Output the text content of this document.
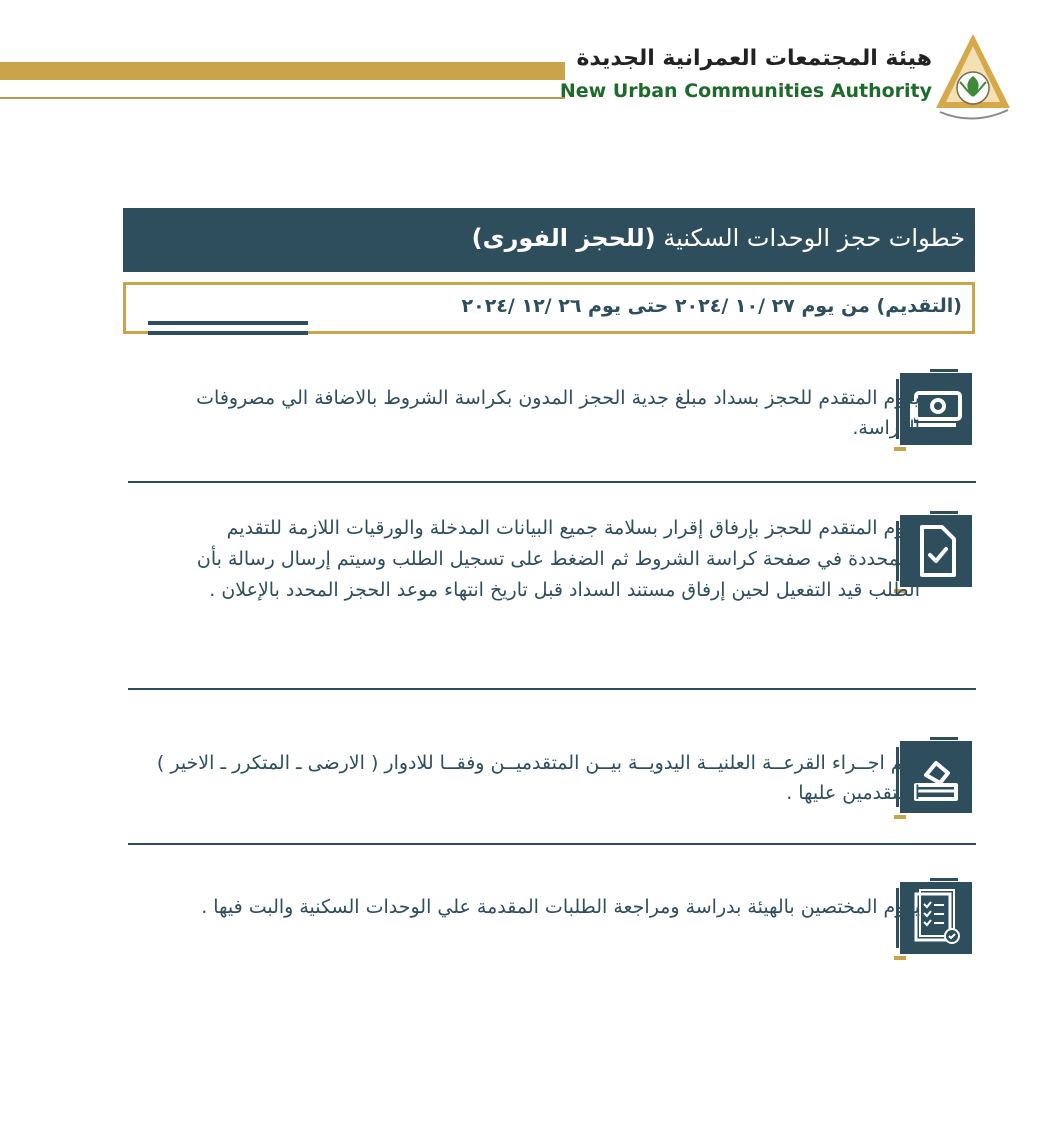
هيئة المجتمعات العمرانية الجديدة
New Urban Communities Authority
خطوات حجز الوحدات السكنية (للحجز الفورى)
(التقديم) من يوم ٢٧ /١٠ /٢٠٢٤ حتى يوم ٢٦ /١٢ /٢٠٢٤
يقوم المتقدم للحجز بسداد مبلغ جدية الحجز المدون بكراسة الشروط بالاضافة الي مصروفات الدراسة.
يقوم المتقدم للحجز بإرفاق إقرار بسلامة جميع البيانات المدخلة والورقيات اللازمة للتقديم والمحددة في صفحة كراسة الشروط ثم الضغط على تسجيل الطلب وسيتم إرسال رسالة بأن الطلب قيد التفعيل لحين إرفاق مستند السداد قبل تاريخ انتهاء موعد الحجز المحدد بالإعلان .
يتـم اجــراء القرعــة العلنيــة اليدويــة بيــن المتقدميــن وفقــا للادوار ( الارضى ـ المتكرر ـ الاخير ) المتقدمين عليها .
يقوم المختصين بالهيئة بدراسة ومراجعة الطلبات المقدمة علي الوحدات السكنية والبت فيها .
